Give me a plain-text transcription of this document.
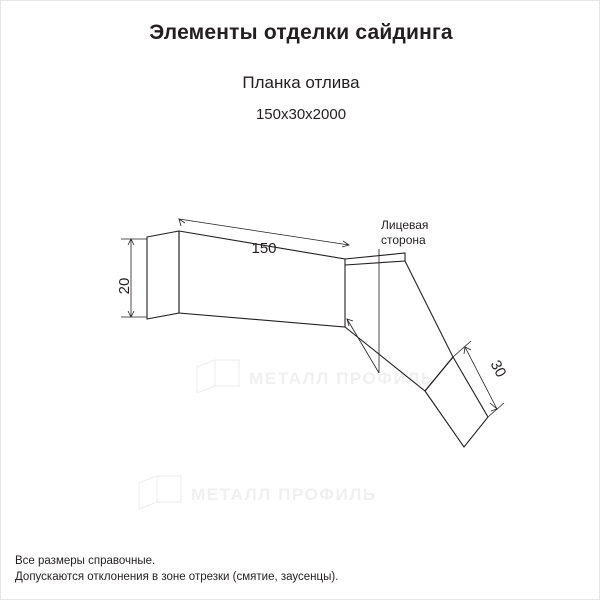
Элементы отделки сайдинга
Планка отлива
150х30х2000
МЕТАЛЛ ПРОФИЛЬ
МЕТАЛЛ ПРОФИЛЬ
20
150
30
Лицевая
сторона
Все размеры справочные.
Допускаются отклонения в зоне отрезки (смятие, заусенцы).
